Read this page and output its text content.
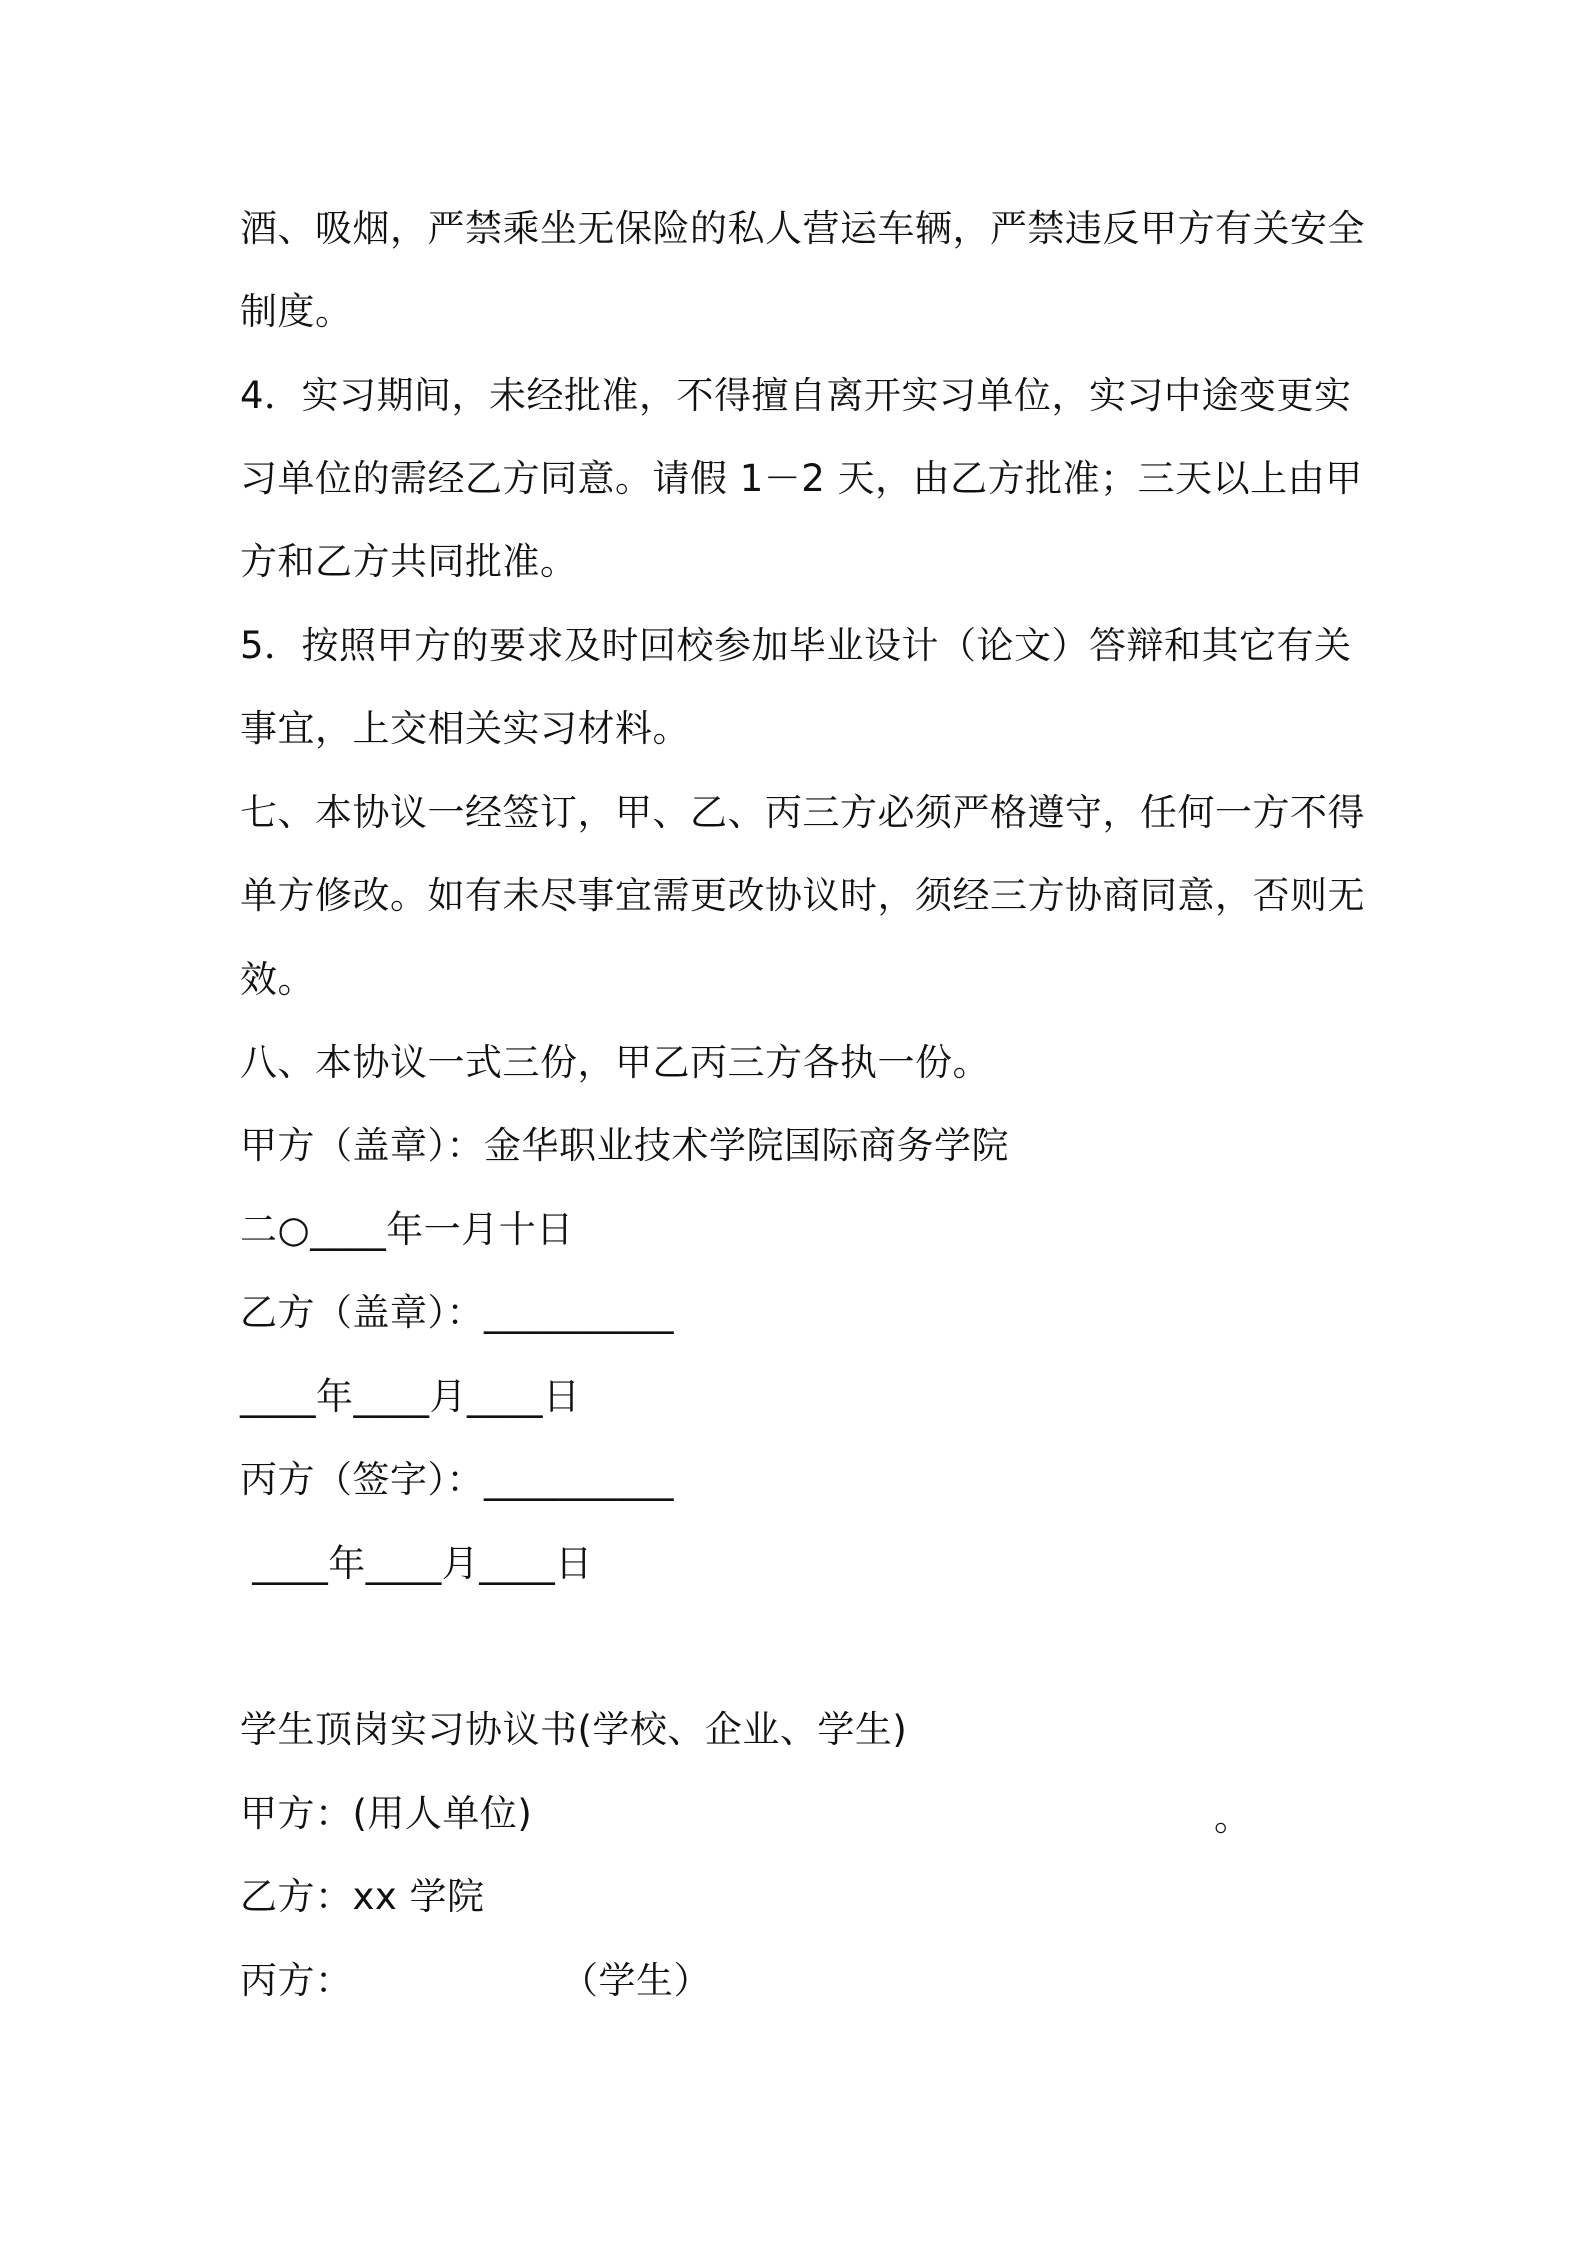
酒、吸烟，严禁乘坐无保险的私人营运车辆，严禁违反甲方有关安全
制度。
4．实习期间，未经批准，不得擅自离开实习单位，实习中途变更实
习单位的需经乙方同意。请假 1－2 天，由乙方批准；三天以上由甲
方和乙方共同批准。
5．按照甲方的要求及时回校参加毕业设计（论文）答辩和其它有关
事宜，上交相关实习材料。
七、本协议一经签订，甲、乙、丙三方必须严格遵守，任何一方不得
单方修改。如有未尽事宜需更改协议时，须经三方协商同意，否则无
效。
八、本协议一式三份，甲乙丙三方各执一份。
甲方（盖章）：金华职业技术学院国际商务学院
二○____年一月十日
乙方（盖章）：__________
____年____月____日
丙方（签字）：__________
____年____月____日
学生顶岗实习协议书(学校、企业、学生)
甲方：(用人单位)	。
乙方：xx 学院
丙方：                 （学生）
